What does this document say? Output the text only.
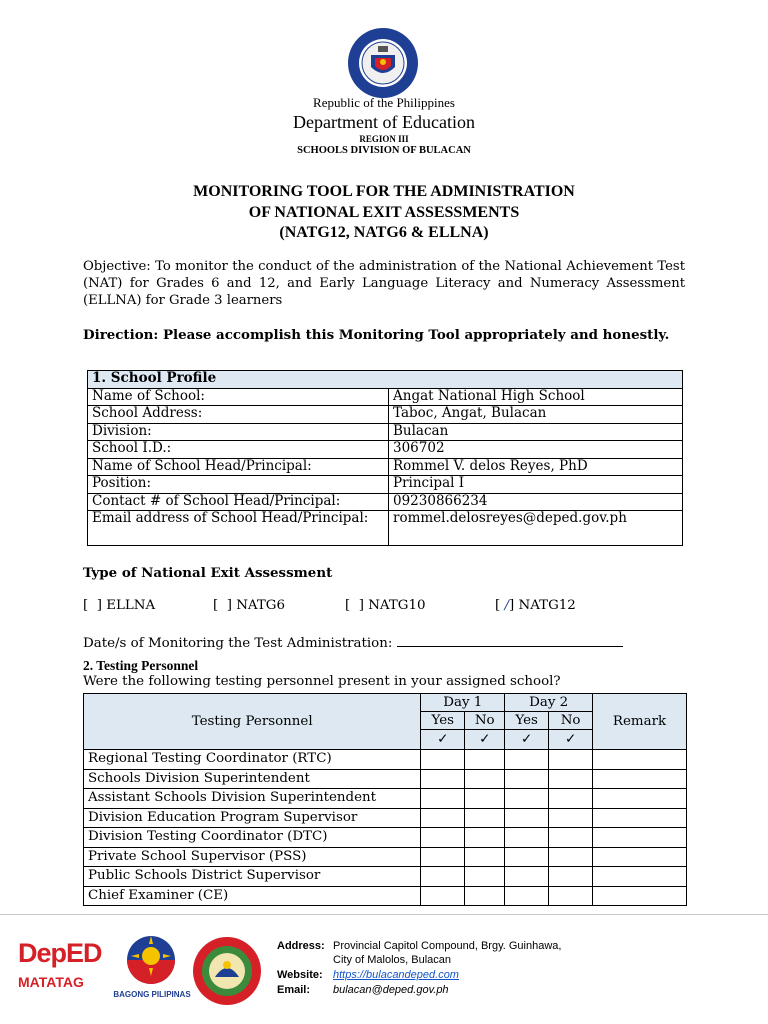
Republic of the Philippines
Department of Education
REGION III
SCHOOLS DIVISION OF BULACAN
MONITORING TOOL FOR THE ADMINISTRATION
OF NATIONAL EXIT ASSESSMENTS
(NATG12, NATG6 & ELLNA)
Objective: To monitor the conduct of the administration of the National Achievement Test (NAT) for Grades 6 and 12, and Early Language Literacy and Numeracy Assessment (ELLNA) for Grade 3 learners
Direction: Please accomplish this Monitoring Tool appropriately and honestly.
1. School Profile	
Name of School:	Angat National High School
School Address:	Taboc, Angat, Bulacan
Division:	Bulacan
School I.D.:	306702
Name of School Head/Principal:	Rommel V. delos Reyes, PhD
Position:	Principal I
Contact # of School Head/Principal:	09230866234
Email address of School Head/Principal:	rommel.delosreyes@deped.gov.ph
Type of National Exit Assessment
[  ] ELLNA	[  ] NATG6	[  ] NATG10	[ /] NATG12
Date/s of Monitoring the Test Administration:
2. Testing Personnel
Were the following testing personnel present in your assigned school?
Testing Personnel	Day 1		Day 2		Remark
	Yes	No	Yes	No	
	✓	✓	✓	✓	
Regional Testing Coordinator (RTC)					
Schools Division Superintendent					
Assistant Schools Division Superintendent					
Division Education Program Supervisor					
Division Testing Coordinator (DTC)					
Private School Supervisor (PSS)					
Public Schools District Supervisor					
Chief Examiner (CE)					
DepED
MATATAG
BAGONG PILIPINAS
Address: Provincial Capitol Compound, Brgy. Guinhawa,
City of Malolos, Bulacan
Website: https://bulacandeped.com
Email: bulacan@deped.gov.ph
